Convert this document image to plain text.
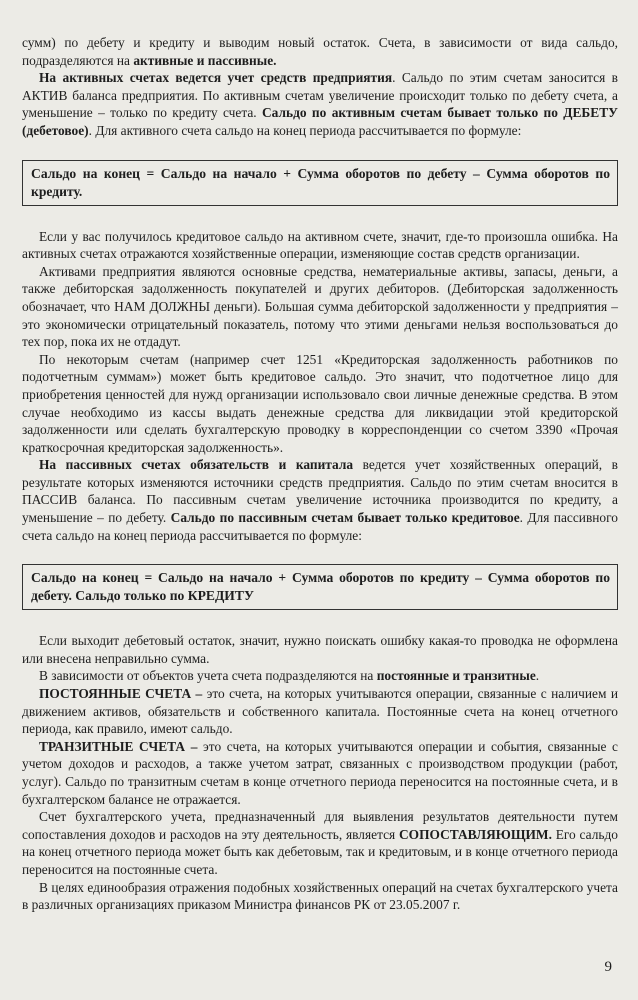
сумм) по дебету и кредиту и выводим новый остаток. Счета, в зависимости от вида сальдо, подразделяются на активные и пассивные.

На активных счетах ведется учет средств предприятия. Сальдо по этим счетам заносится в АКТИВ баланса предприятия. По активным счетам увеличение происходит только по дебету счета, а уменьшение – только по кредиту счета. Сальдо по активным счетам бывает только по ДЕБЕТУ (дебетовое). Для активного счета сальдо на конец периода рассчитывается по формуле:

Сальдо на конец = Сальдо на начало + Сумма оборотов по дебету – Сумма оборотов по кредиту.

Если у вас получилось кредитовое сальдо на активном счете, значит, где-то произошла ошибка. На активных счетах отражаются хозяйственные операции, изменяющие состав средств организации.

Активами предприятия являются основные средства, нематериальные активы, запасы, деньги, а также дебиторская задолженность покупателей и других дебиторов. (Дебиторская задолженность обозначает, что НАМ ДОЛЖНЫ деньги). Большая сумма дебиторской задолженности у предприятия – это экономически отрицательный показатель, потому что этими деньгами нельзя воспользоваться до тех пор, пока их не отдадут.

По некоторым счетам (например счет 1251 «Кредиторская задолженность работников по подотчетным суммам») может быть кредитовое сальдо. Это значит, что подотчетное лицо для приобретения ценностей для нужд организации использовало свои личные денежные средства. В этом случае необходимо из кассы выдать денежные средства для ликвидации этой кредиторской задолженности или сделать бухгалтерскую проводку в корреспонденции со счетом 3390 «Прочая краткосрочная кредиторская задолженность».

На пассивных счетах обязательств и капитала ведется учет хозяйственных операций, в результате которых изменяются источники средств предприятия. Сальдо по этим счетам вносится в ПАССИВ баланса. По пассивным счетам увеличение источника производится по кредиту, а уменьшение – по дебету. Сальдо по пассивным счетам бывает только кредитовое. Для пассивного счета сальдо на конец периода рассчитывается по формуле:

Сальдо на конец = Сальдо на начало + Сумма оборотов по кредиту – Сумма оборотов по дебету. Сальдо только по КРЕДИТУ

Если выходит дебетовый остаток, значит, нужно поискать ошибку какая-то проводка не оформлена или внесена неправильно сумма.

В зависимости от объектов учета счета подразделяются на постоянные и транзитные.

ПОСТОЯННЫЕ СЧЕТА – это счета, на которых учитываются операции, связанные с наличием и движением активов, обязательств и собственного капитала. Постоянные счета на конец отчетного периода, как правило, имеют сальдо.

ТРАНЗИТНЫЕ СЧЕТА – это счета, на которых учитываются операции и события, связанные с учетом доходов и расходов, а также учетом затрат, связанных с производством продукции (работ, услуг). Сальдо по транзитным счетам в конце отчетного периода переносится на постоянные счета, и в бухгалтерском балансе не отражается.

Счет бухгалтерского учета, предназначенный для выявления результатов деятельности путем сопоставления доходов и расходов на эту деятельность, является СОПОСТАВЛЯЮЩИМ. Его сальдо на конец отчетного периода может быть как дебетовым, так и кредитовым, и в конце отчетного периода переносится на постоянные счета.

В целях единообразия отражения подобных хозяйственных операций на счетах бухгалтерского учета в различных организациях приказом Министра финансов РК от 23.05.2007 г.

9
